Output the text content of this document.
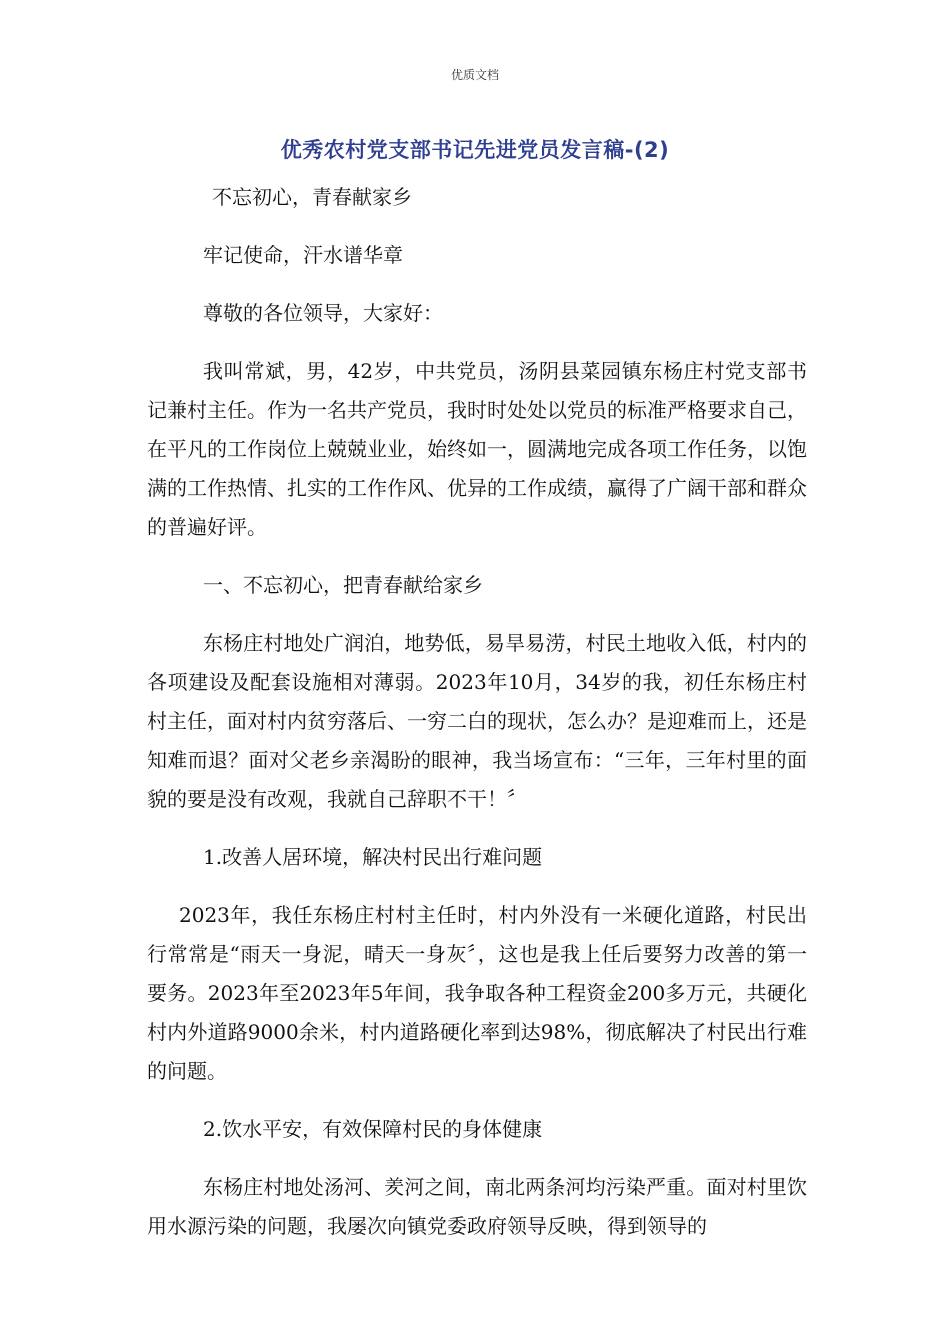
优质文档
优秀农村党支部书记先进党员发言稿-(2)

不忘初心，青春献家乡

牢记使命，汗水谱华章

尊敬的各位领导，大家好：

我叫常斌，男，42岁，中共党员，汤阴县菜园镇东杨庄村党支部书记兼村主任。作为一名共产党员，我时时处处以党员的标准严格要求自己，在平凡的工作岗位上兢兢业业，始终如一，圆满地完成各项工作任务，以饱满的工作热情、扎实的工作作风、优异的工作成绩，赢得了广阔干部和群众的普遍好评。

一、不忘初心，把青春献给家乡

东杨庄村地处广润泊，地势低，易旱易涝，村民土地收入低，村内的各项建设及配套设施相对薄弱。2023年10月，34岁的我，初任东杨庄村村主任，面对村内贫穷落后、一穷二白的现状，怎么办？是迎难而上，还是知难而退？面对父老乡亲渴盼的眼神，我当场宣布：“三年，三年村里的面貌的要是没有改观，我就自己辞职不干！〞

1.改善人居环境，解决村民出行难问题

2023年，我任东杨庄村村主任时，村内外没有一米硬化道路，村民出行常常是“雨天一身泥，晴天一身灰〞，这也是我上任后要努力改善的第一要务。2023年至2023年5年间，我争取各种工程资金200多万元，共硬化村内外道路9000余米，村内道路硬化率到达98%，彻底解决了村民出行难的问题。

2.饮水平安，有效保障村民的身体健康

东杨庄村地处汤河、羑河之间，南北两条河均污染严重。面对村里饮用水源污染的问题，我屡次向镇党委政府领导反映，得到领导的
